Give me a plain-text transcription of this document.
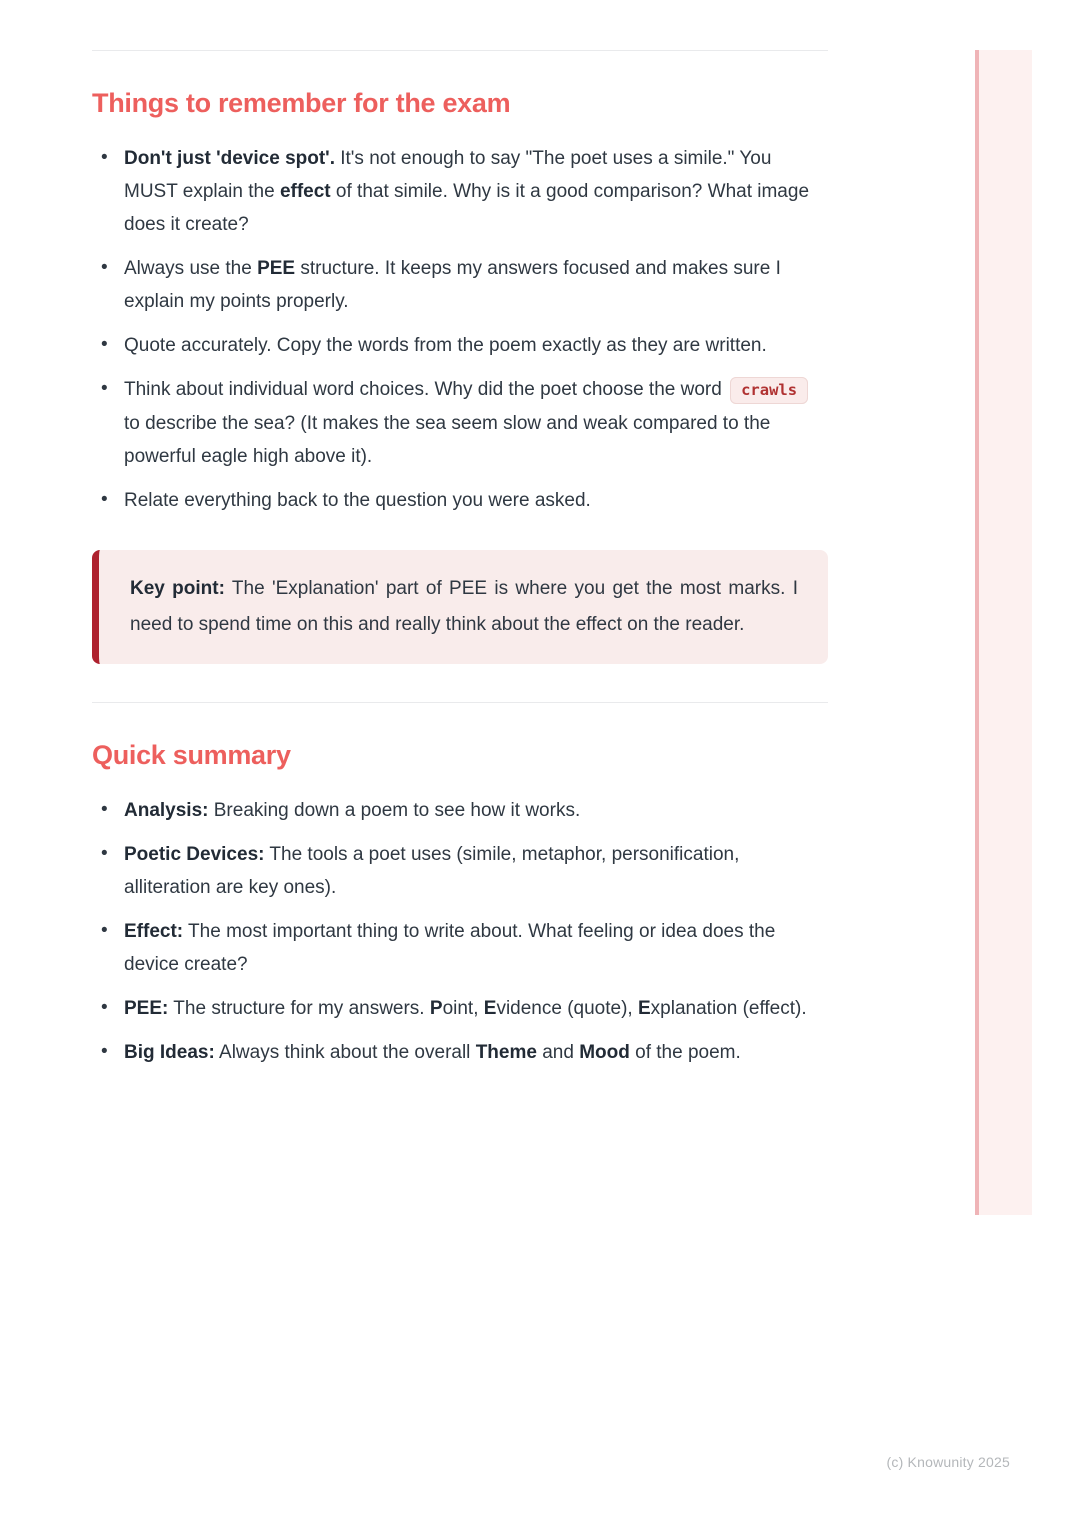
Things to remember for the exam
• Don't just 'device spot'. It's not enough to say "The poet uses a simile." You MUST explain the effect of that simile. Why is it a good comparison? What image does it create?
• Always use the PEE structure. It keeps my answers focused and makes sure I explain my points properly.
• Quote accurately. Copy the words from the poem exactly as they are written.
• Think about individual word choices. Why did the poet choose the word crawls to describe the sea? (It makes the sea seem slow and weak compared to the powerful eagle high above it).
• Relate everything back to the question you were asked.

Key point: The 'Explanation' part of PEE is where you get the most marks. I need to spend time on this and really think about the effect on the reader.

Quick summary
• Analysis: Breaking down a poem to see how it works.
• Poetic Devices: The tools a poet uses (simile, metaphor, personification, alliteration are key ones).
• Effect: The most important thing to write about. What feeling or idea does the device create?
• PEE: The structure for my answers. Point, Evidence (quote), Explanation (effect).
• Big Ideas: Always think about the overall Theme and Mood of the poem.
(c) Knowunity 2025
